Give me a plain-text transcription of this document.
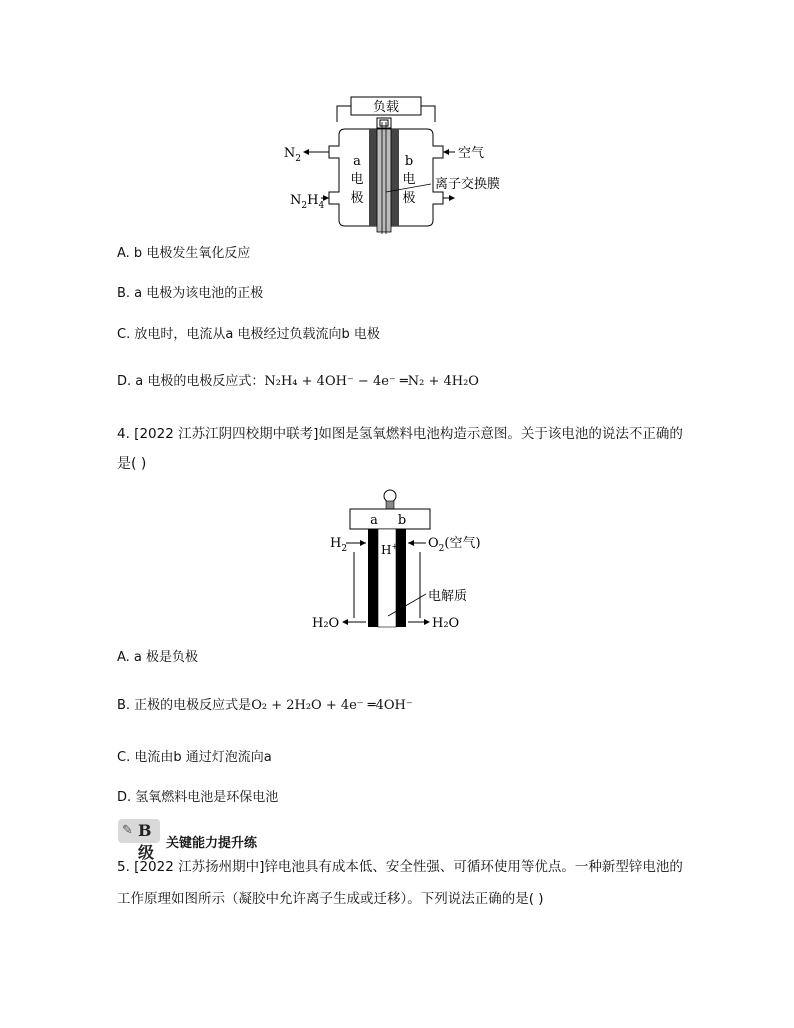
负载
$N_2$
$N_2H_4$
空气
a
电
极
b
电
极
离子交换膜
A. b 电极发生氧化反应
B. a 电极为该电池的正极
C. 放电时，电流从a 电极经过负载流向b 电极
D. a 电极的电极反应式：N₂H₄ + 4OH⁻ − 4e⁻ ═N₂ + 4H₂O
4. [2022 江苏江阴四校期中联考]如图是氢氧燃料电池构造示意图。关于该电池的说法不正确的
是( )
a b
H+
$H_2$	$O_2$(空气)
电解质
H₂O	H₂O
A. a 极是负极
B. 正极的电极反应式是O₂ + 2H₂O + 4e⁻ ═4OH⁻
C. 电流由b 通过灯泡流向a
D. 氢氧燃料电池是环保电池
✎ B 级 关键能力提升练
5. [2022 江苏扬州期中]锌电池具有成本低、安全性强、可循环使用等优点。一种新型锌电池的
工作原理如图所示（凝胶中允许离子生成或迁移）。下列说法正确的是( )
